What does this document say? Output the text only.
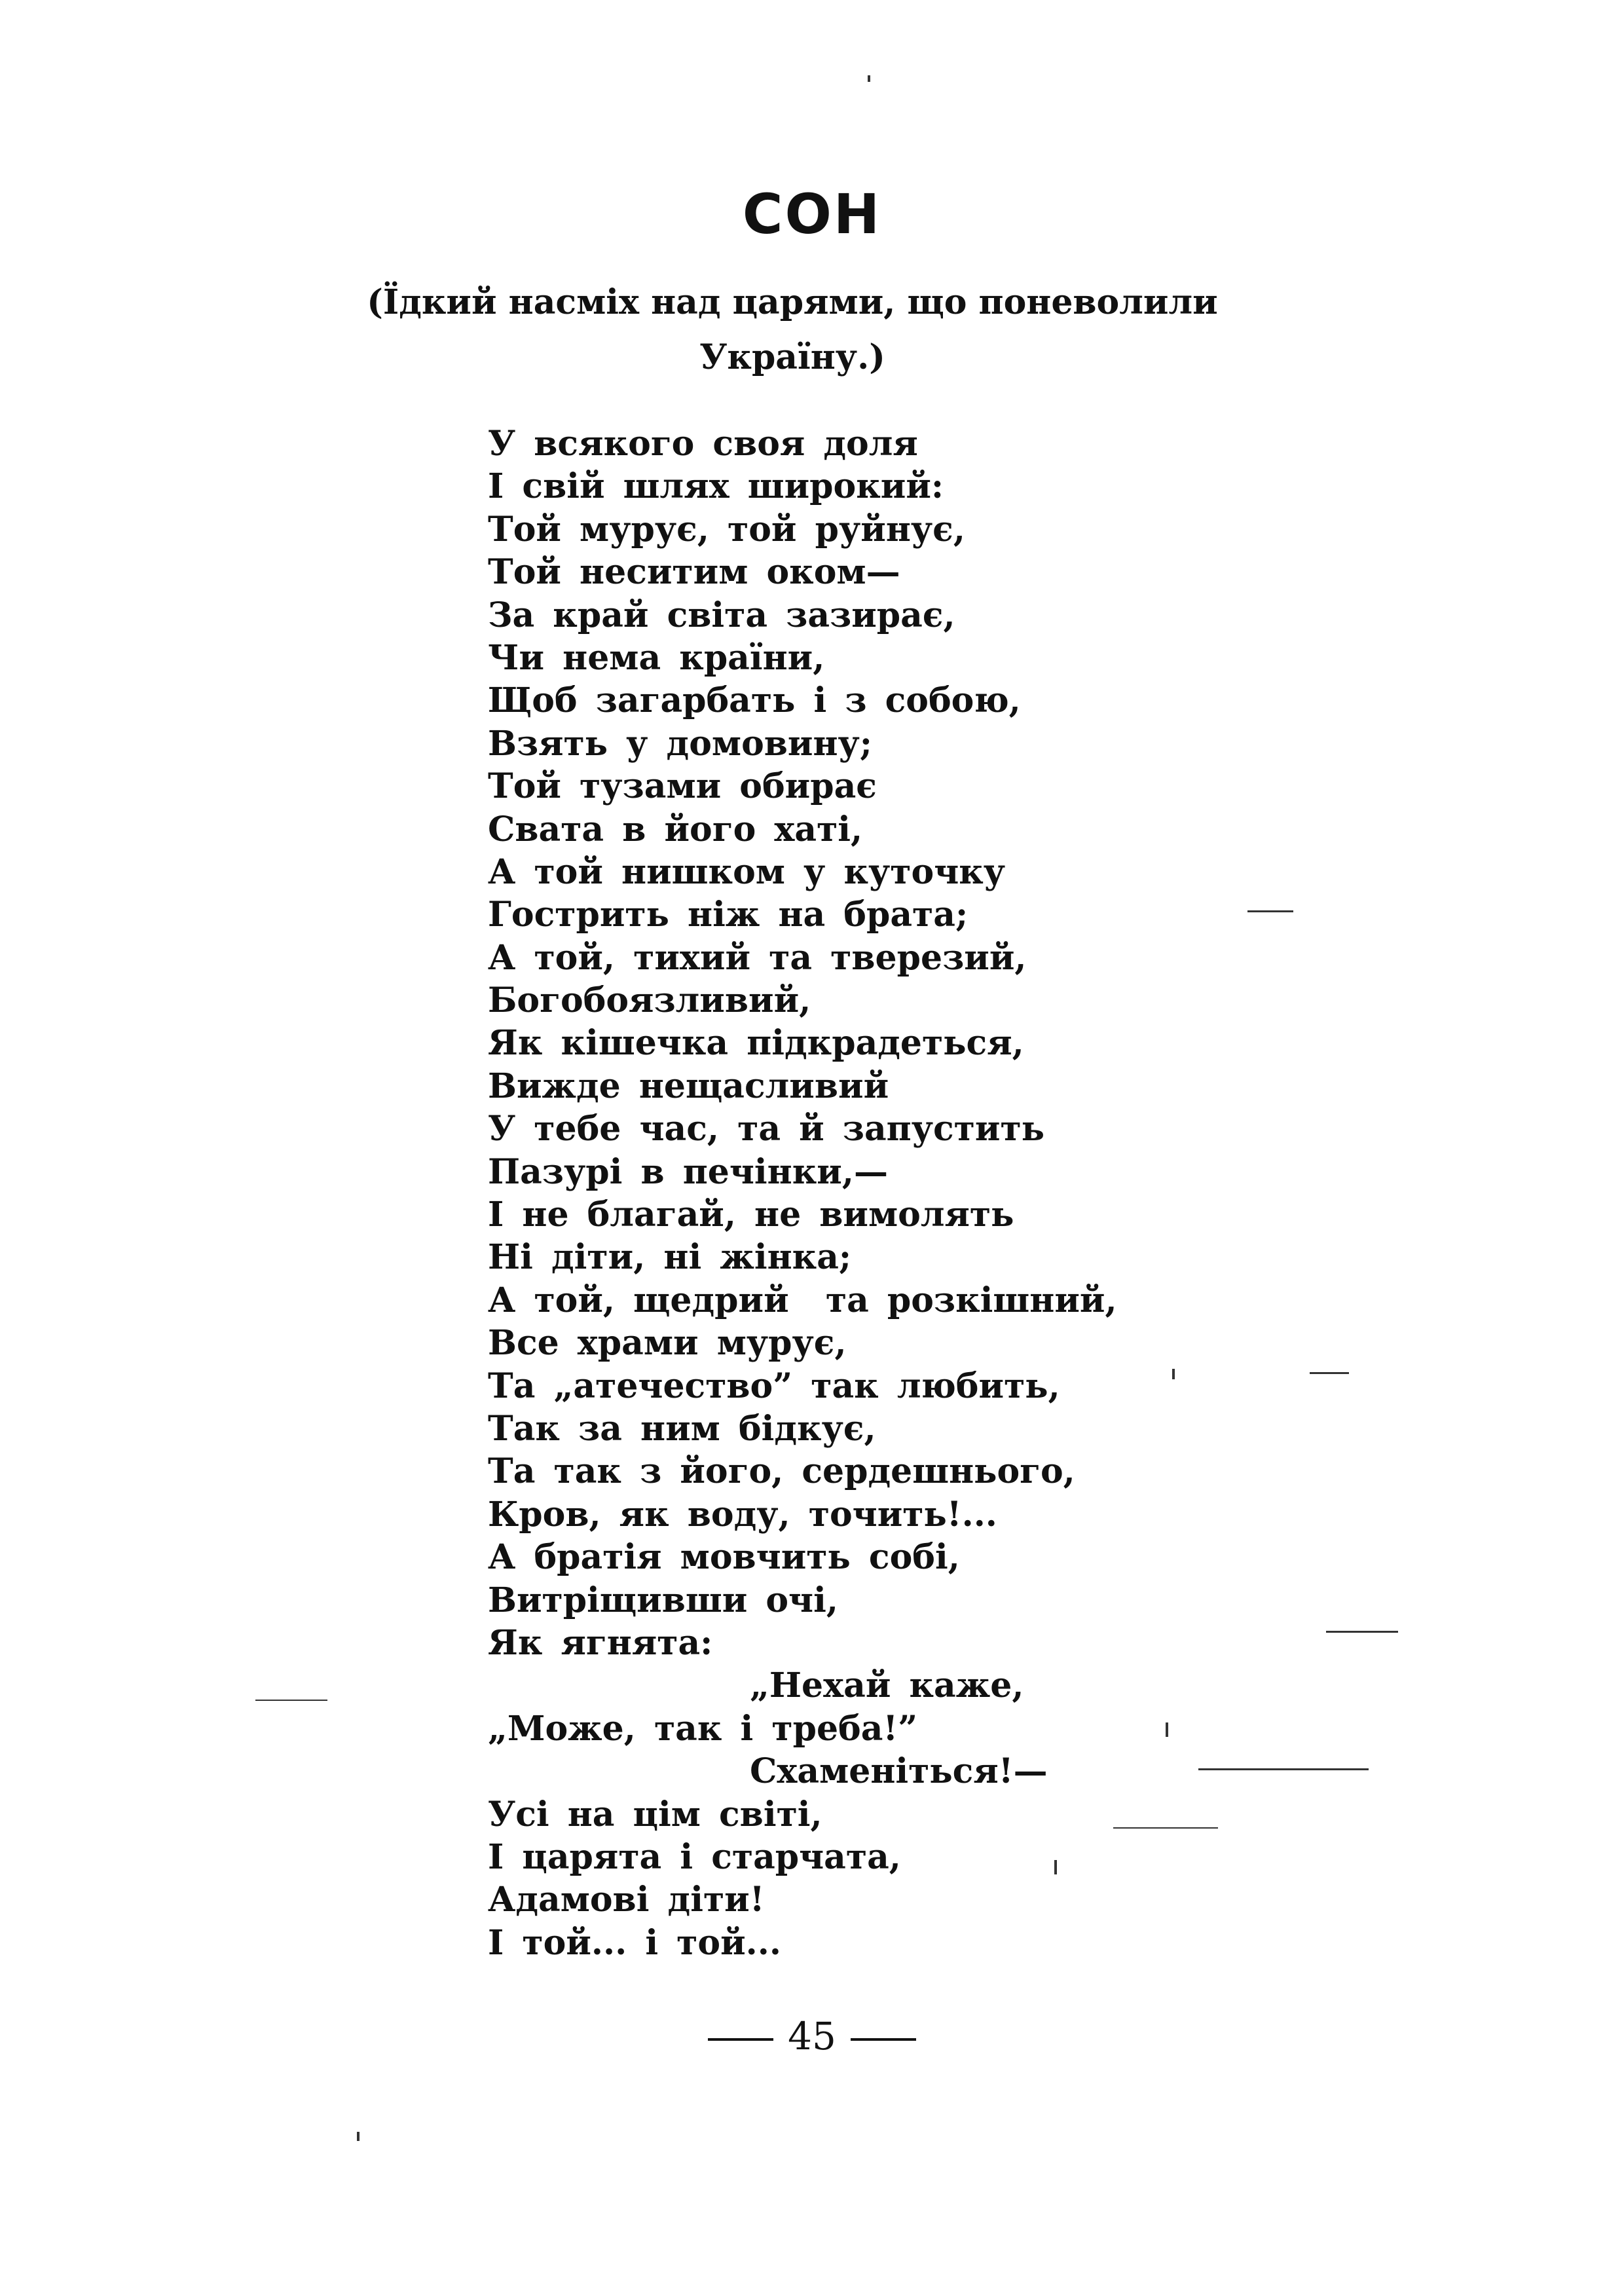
СОН
(Їдкий насміх над царями, що поневолили Україну.)
У всякого своя доля
І свій шлях широкий:
Той мурує, той руйнує,
Той неситим оком—
За край світа зазирає,
Чи нема країни,
Щоб загарбать і з собою,
Взять у домовину;
Той тузами обирає
Свата в його хаті,
А той нишком у куточку
Гострить ніж на брата;
А той, тихий та тверезий,
Богобоязливий,
Як кішечка підкрадеться,
Вижде нещасливий
У тебе час, та й запустить
Пазурі в печінки,—
І не благай, не вимолять
Ні діти, ні жінка;
А той, щедрий  та розкішний,
Все храми мурує,
Та „атечество” так любить,
Так за ним бідкує,
Та так з його, сердешнього,
Кров, як воду, точить!...
А братія мовчить собі,
Витріщивши очі,
Як ягнята:
„Нехай каже,
„Може, так і треба!”
Схаменіться!—
Усі на цім світі,
І царята і старчата,
Адамові діти!
І той... і той...
45
